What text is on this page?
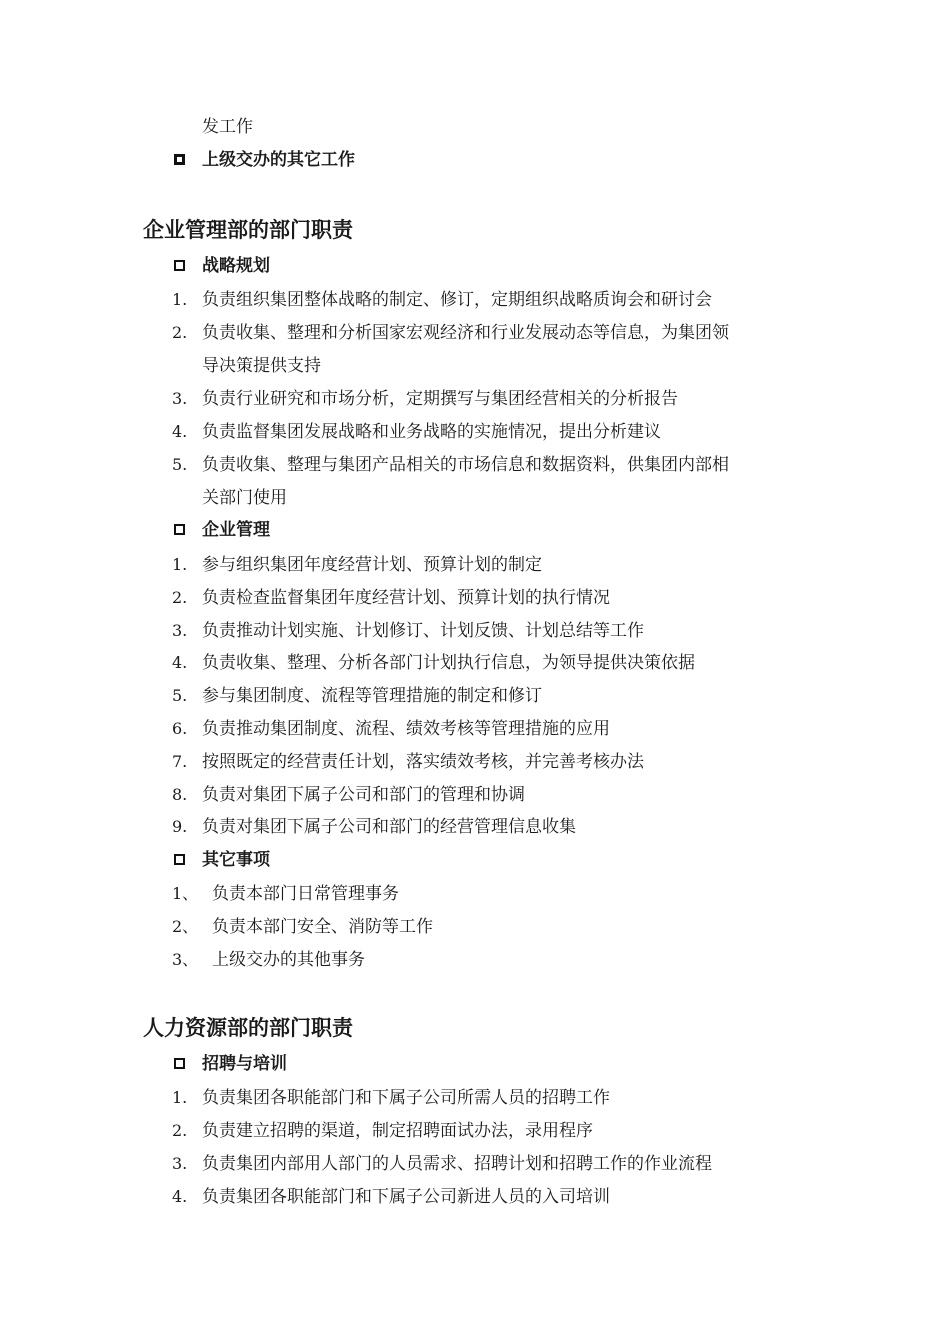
发工作
上级交办的其它工作
企业管理部的部门职责
战略规划
1. 负责组织集团整体战略的制定、修订，定期组织战略质询会和研讨会
2. 负责收集、整理和分析国家宏观经济和行业发展动态等信息，为集团领
导决策提供支持
3. 负责行业研究和市场分析，定期撰写与集团经营相关的分析报告
4. 负责监督集团发展战略和业务战略的实施情况，提出分析建议
5. 负责收集、整理与集团产品相关的市场信息和数据资料，供集团内部相
关部门使用
企业管理
1. 参与组织集团年度经营计划、预算计划的制定
2. 负责检查监督集团年度经营计划、预算计划的执行情况
3. 负责推动计划实施、计划修订、计划反馈、计划总结等工作
4. 负责收集、整理、分析各部门计划执行信息，为领导提供决策依据
5. 参与集团制度、流程等管理措施的制定和修订
6. 负责推动集团制度、流程、绩效考核等管理措施的应用
7. 按照既定的经营责任计划，落实绩效考核，并完善考核办法
8. 负责对集团下属子公司和部门的管理和协调
9. 负责对集团下属子公司和部门的经营管理信息收集
其它事项
1、 负责本部门日常管理事务
2、 负责本部门安全、消防等工作
3、 上级交办的其他事务
人力资源部的部门职责
招聘与培训
1. 负责集团各职能部门和下属子公司所需人员的招聘工作
2. 负责建立招聘的渠道，制定招聘面试办法，录用程序
3. 负责集团内部用人部门的人员需求、招聘计划和招聘工作的作业流程
4. 负责集团各职能部门和下属子公司新进人员的入司培训
